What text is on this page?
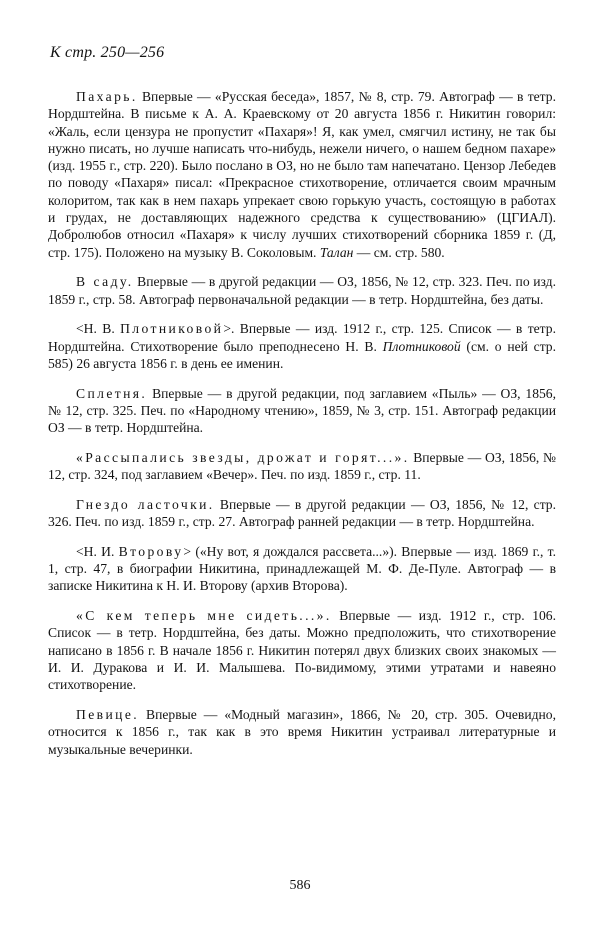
К стр. 250—256

Пахарь. Впервые — «Русская беседа», 1857, № 8, стр. 79. Автограф — в тетр. Нордштейна. В письме к А. А. Краевскому от 20 августа 1856 г. Никитин говорил: «Жаль, если цензура не пропустит «Пахаря»! Я, как умел, смягчил истину, не так бы нужно писать, но лучше написать что-нибудь, нежели ничего, о нашем бедном пахаре» (изд. 1955 г., стр. 220). Было послано в ОЗ, но не было там напечатано. Цензор Лебедев по поводу «Пахаря» писал: «Прекрасное стихотворение, отличается своим мрачным колоритом, так как в нем пахарь упрекает свою горькую участь, состоящую в работах и грудах, не доставляющих надежного средства к существованию» (ЦГИАЛ). Добролюбов относил «Пахаря» к числу лучших стихотворений сборника 1859 г. (Д, стр. 175). Положено на музыку В. Соколовым. Талан — см. стр. 580.

В саду. Впервые — в другой редакции — ОЗ, 1856, № 12, стр. 323. Печ. по изд. 1859 г., стр. 58. Автограф первоначальной редакции — в тетр. Нордштейна, без даты.

<Н. В. Плотниковой>. Впервые — изд. 1912 г., стр. 125. Список — в тетр. Нордштейна. Стихотворение было преподнесено Н. В. Плотниковой (см. о ней стр. 585) 26 августа 1856 г. в день ее именин.

Сплетня. Впервые — в другой редакции, под заглавием «Пыль» — ОЗ, 1856, № 12, стр. 325. Печ. по «Народному чтению», 1859, № 3, стр. 151. Автограф редакции ОЗ — в тетр. Нордштейна.

«Рассыпались звезды, дрожат и горят...». Впервые — ОЗ, 1856, № 12, стр. 324, под заглавием «Вечер». Печ. по изд. 1859 г., стр. 11.

Гнездо ласточки. Впервые — в другой редакции — ОЗ, 1856, № 12, стр. 326. Печ. по изд. 1859 г., стр. 27. Автограф ранней редакции — в тетр. Нордштейна.

<Н. И. Второву> («Ну вот, я дождался рассвета...»). Впервые — изд. 1869 г., т. 1, стр. 47, в биографии Никитина, принадлежащей М. Ф. Де-Пуле. Автограф — в записке Никитина к Н. И. Второву (архив Второва).

«С кем теперь мне сидеть...». Впервые — изд. 1912 г., стр. 106. Список — в тетр. Нордштейна, без даты. Можно предположить, что стихотворение написано в 1856 г. В начале 1856 г. Никитин потерял двух близких своих знакомых — И. И. Дуракова и И. И. Малышева. По-видимому, этими утратами и навеяно стихотворение.

Певице. Впервые — «Модный магазин», 1866, № 20, стр. 305. Очевидно, относится к 1856 г., так как в это время Никитин устраивал литературные и музыкальные вечеринки.

586
